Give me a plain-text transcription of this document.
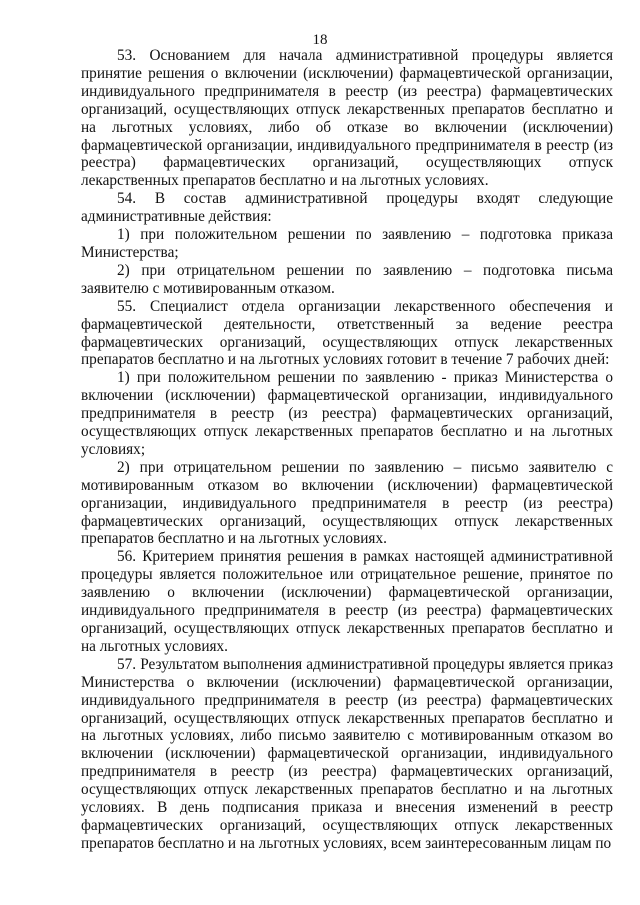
18

53. Основанием для начала административной процедуры является принятие решения о включении (исключении) фармацевтической организации, индивидуального предпринимателя в реестр (из реестра) фармацевтических организаций, осуществляющих отпуск лекарственных препаратов бесплатно и на льготных условиях, либо об отказе во включении (исключении) фармацевтической организации, индивидуального предпринимателя в реестр (из реестра) фармацевтических организаций, осуществляющих отпуск лекарственных препаратов бесплатно и на льготных условиях.

54. В состав административной процедуры входят следующие административные действия:

1) при положительном решении по заявлению – подготовка приказа Министерства;

2) при отрицательном решении по заявлению – подготовка письма заявителю с мотивированным отказом.

55. Специалист отдела организации лекарственного обеспечения и фармацевтической деятельности, ответственный за ведение реестра фармацевтических организаций, осуществляющих отпуск лекарственных препаратов бесплатно и на льготных условиях готовит в течение 7 рабочих дней:

1) при положительном решении по заявлению - приказ Министерства о включении (исключении) фармацевтической организации, индивидуального предпринимателя в реестр (из реестра) фармацевтических организаций, осуществляющих отпуск лекарственных препаратов бесплатно и на льготных условиях;

2) при отрицательном решении по заявлению – письмо заявителю с мотивированным отказом во включении (исключении) фармацевтической организации, индивидуального предпринимателя в реестр (из реестра) фармацевтических организаций, осуществляющих отпуск лекарственных препаратов бесплатно и на льготных условиях.

56. Критерием принятия решения в рамках настоящей административной процедуры является положительное или отрицательное решение, принятое по заявлению о включении (исключении) фармацевтической организации, индивидуального предпринимателя в реестр (из реестра) фармацевтических организаций, осуществляющих отпуск лекарственных препаратов бесплатно и на льготных условиях.

57. Результатом выполнения административной процедуры является приказ Министерства о включении (исключении) фармацевтической организации, индивидуального предпринимателя в реестр (из реестра) фармацевтических организаций, осуществляющих отпуск лекарственных препаратов бесплатно и на льготных условиях, либо письмо заявителю с мотивированным отказом во включении (исключении) фармацевтической организации, индивидуального предпринимателя в реестр (из реестра) фармацевтических организаций, осуществляющих отпуск лекарственных препаратов бесплатно и на льготных условиях. В день подписания приказа и внесения изменений в реестр фармацевтических организаций, осуществляющих отпуск лекарственных препаратов бесплатно и на льготных условиях, всем заинтересованным лицам по
